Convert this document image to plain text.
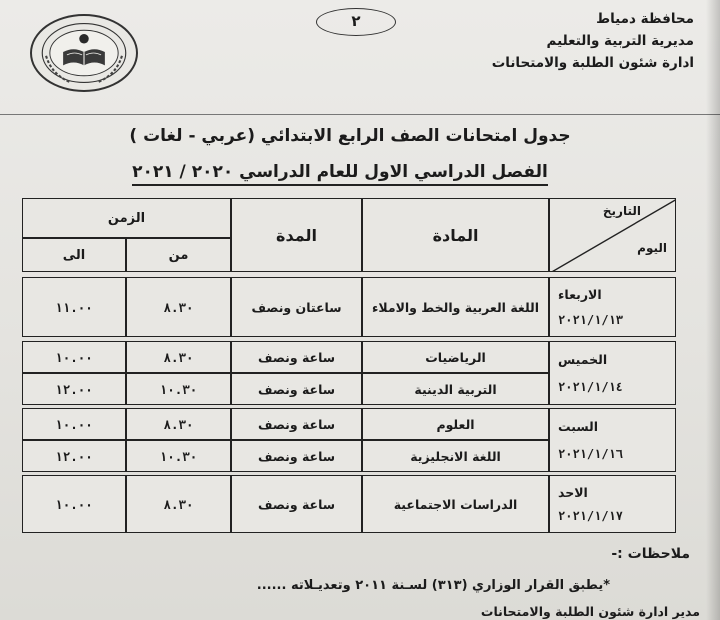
٢	محافظة دمياط
مديرية التربية والتعليم
ادارة شئون الطلبة والامتحانات
جدول امتحانات الصف الرابع الابتدائي (عربي - لغات )
الفصل الدراسي الاول للعام الدراسي ٢٠٢٠ / ٢٠٢١
التاريخ
اليوم
المادة
المدة
الزمن
من
الى
الاربعاء
٢٠٢١/١/١٣
اللغة العربية والخط والاملاء
ساعتان ونصف
٨.٣٠
١١.٠٠
الخميس
٢٠٢١/١/١٤
الرياضيات
ساعة ونصف
٨.٣٠
١٠.٠٠
التربية الدينية
ساعة ونصف
١٠.٣٠
١٢.٠٠
السبت
٢٠٢١/١/١٦
العلوم
ساعة ونصف
٨.٣٠
١٠.٠٠
اللغة الانجليزية
ساعة ونصف
١٠.٣٠
١٢.٠٠
الاحد
٢٠٢١/١/١٧
الدراسات الاجتماعية
ساعة ونصف
٨.٣٠
١٠.٠٠
ملاحظات :-
*يطبق القرار الوزاري (٣١٣) لسـنة ٢٠١١ وتعديـلاته ......
مدير ادارة شئون الطلبة والامتحانات
